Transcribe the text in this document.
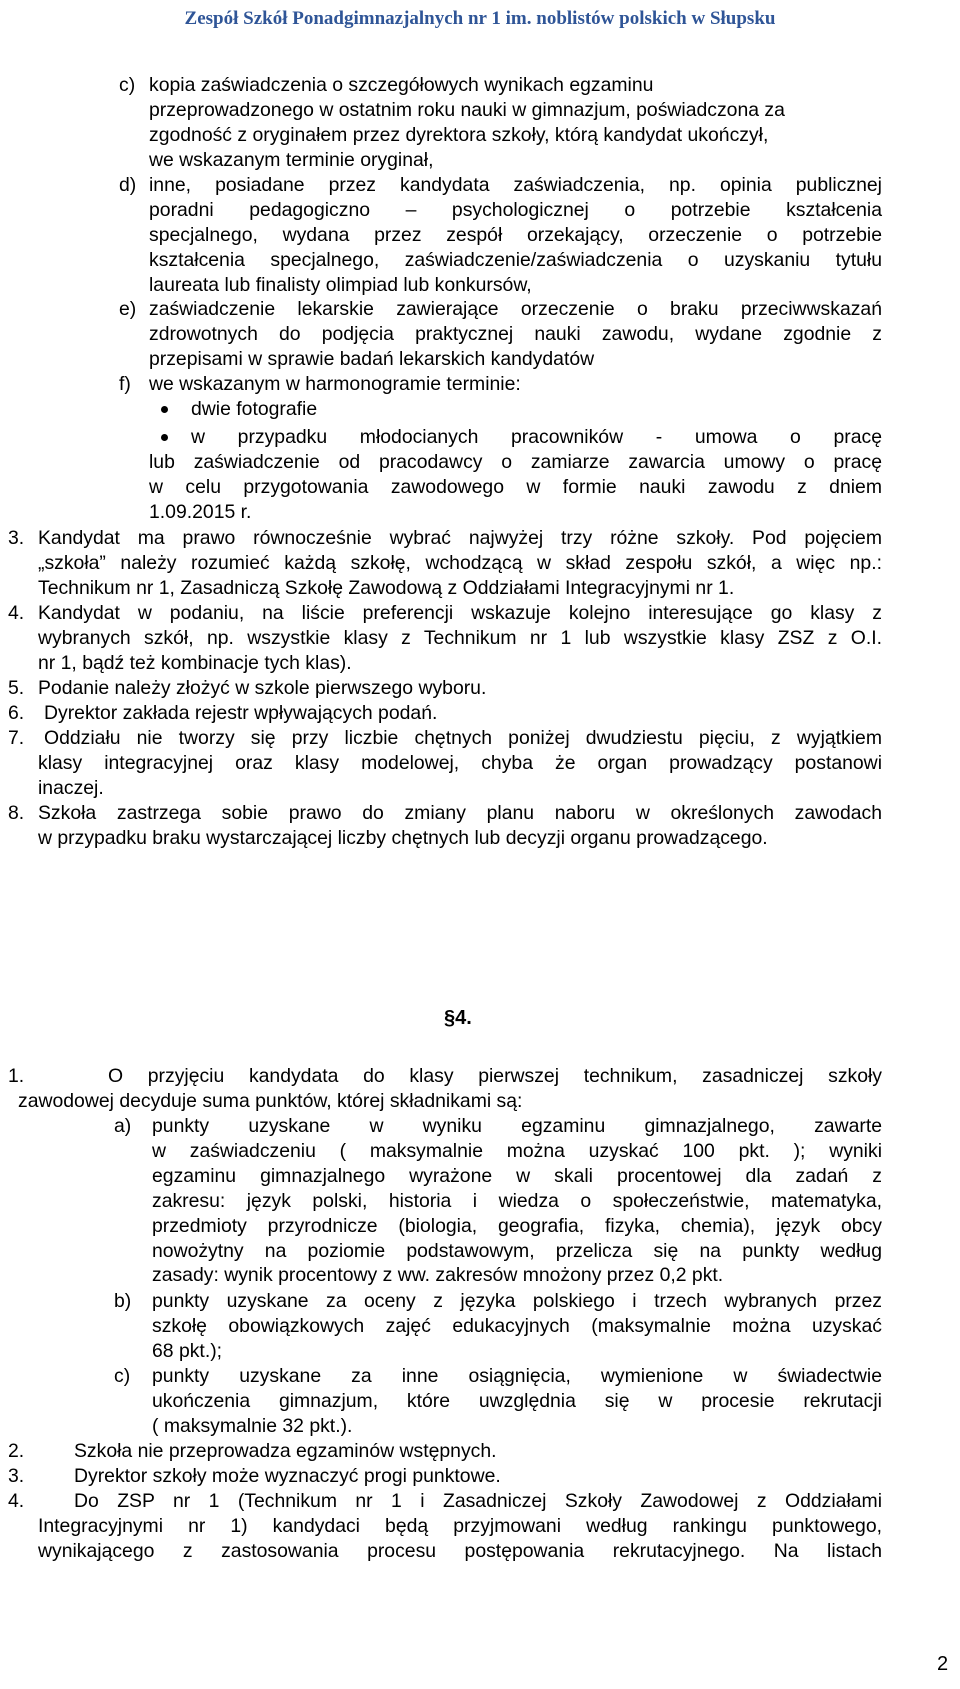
Zespół Szkół Ponadgimnazjalnych nr 1 im. noblistów polskich w Słupsku
c) kopia zaświadczenia o szczegółowych wynikach egzaminu
przeprowadzonego w ostatnim roku nauki w gimnazjum, poświadczona za
zgodność z oryginałem przez dyrektora szkoły, którą kandydat ukończył,
we wskazanym terminie oryginał,
d) inne, posiadane przez kandydata zaświadczenia, np. opinia publicznej
poradni pedagogiczno – psychologicznej o potrzebie kształcenia
specjalnego, wydana przez zespół orzekający, orzeczenie o potrzebie
kształcenia specjalnego, zaświadczenie/zaświadczenia o uzyskaniu tytułu
laureata lub finalisty olimpiad lub konkursów,
e) zaświadczenie lekarskie zawierające orzeczenie o braku przeciwwskazań
zdrowotnych do podjęcia praktycznej nauki zawodu, wydane zgodnie z
przepisami w sprawie badań lekarskich kandydatów
f) we wskazanym w harmonogramie terminie:
dwie fotografie
w przypadku młodocianych pracowników - umowa o pracę
lub zaświadczenie od pracodawcy o zamiarze zawarcia umowy o pracę
w celu przygotowania zawodowego w formie nauki zawodu z dniem
1.09.2015 r.
3. Kandydat ma prawo równocześnie wybrać najwyżej trzy różne szkoły. Pod pojęciem
„szkoła” należy rozumieć każdą szkołę, wchodzącą w skład zespołu szkół, a więc np.:
Technikum nr 1, Zasadniczą Szkołę Zawodową z Oddziałami Integracyjnymi nr 1.
4. Kandydat w podaniu, na liście preferencji wskazuje kolejno interesujące go klasy z
wybranych szkół, np. wszystkie klasy z Technikum nr 1 lub wszystkie klasy ZSZ z O.I.
nr 1, bądź też kombinacje tych klas).
5. Podanie należy złożyć w szkole pierwszego wyboru.
6. Dyrektor zakłada rejestr wpływających podań.
7.	Oddziału nie tworzy się przy liczbie chętnych poniżej dwudziestu pięciu, z wyjątkiem
klasy integracyjnej oraz klasy modelowej, chyba że organ prowadzący postanowi
inaczej.
8. Szkoła zastrzega sobie prawo do zmiany planu naboru w określonych zawodach
w przypadku braku wystarczającej liczby chętnych lub decyzji organu prowadzącego.
§4.
1.	O przyjęciu kandydata do klasy pierwszej technikum, zasadniczej szkoły
zawodowej decyduje suma punktów, której składnikami są:
a) punkty uzyskane w wyniku egzaminu gimnazjalnego, zawarte
w zaświadczeniu ( maksymalnie można uzyskać 100 pkt. ); wyniki
egzaminu gimnazjalnego wyrażone w skali procentowej dla zadań z
zakresu: język polski, historia i wiedza o społeczeństwie, matematyka,
przedmioty przyrodnicze (biologia, geografia, fizyka, chemia), język obcy
nowożytny na poziomie podstawowym, przelicza się na punkty według
zasady: wynik procentowy z ww. zakresów mnożony przez 0,2 pkt.
b) punkty uzyskane za oceny z języka polskiego i trzech wybranych przez
szkołę obowiązkowych zajęć edukacyjnych (maksymalnie można uzyskać
68 pkt.);
c) punkty uzyskane za inne osiągnięcia, wymienione w świadectwie
ukończenia gimnazjum, które uwzględnia się w procesie rekrutacji
( maksymalnie 32 pkt.).
2.	Szkoła nie przeprowadza egzaminów wstępnych.
3.	Dyrektor szkoły może wyznaczyć progi punktowe.
4.	Do ZSP nr 1 (Technikum nr 1 i Zasadniczej Szkoły Zawodowej z Oddziałami
Integracyjnymi nr 1) kandydaci będą przyjmowani według rankingu punktowego,
wynikającego z zastosowania procesu postępowania rekrutacyjnego. Na listach
2
